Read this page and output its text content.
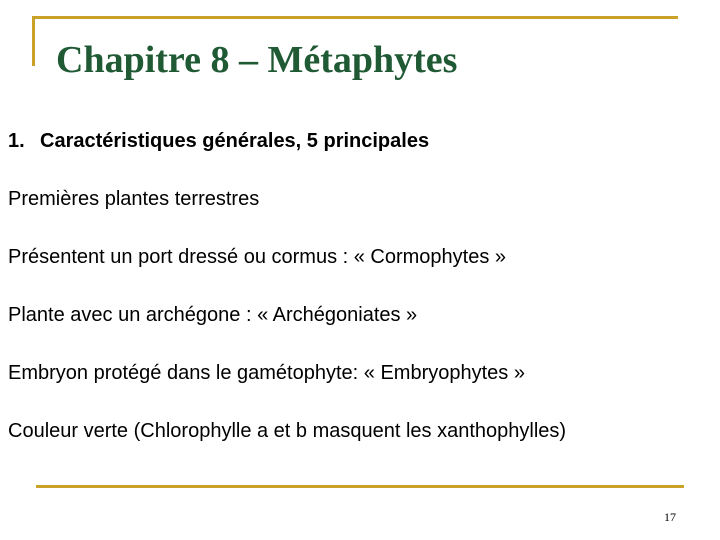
Chapitre 8 – Métaphytes
1. Caractéristiques générales, 5 principales
Premières plantes terrestres
Présentent un port dressé ou cormus : « Cormophytes »
Plante avec un archégone : « Archégoniates »
Embryon protégé dans le gamétophyte: « Embryophytes »
Couleur verte (Chlorophylle a et b masquent les xanthophylles)
17
